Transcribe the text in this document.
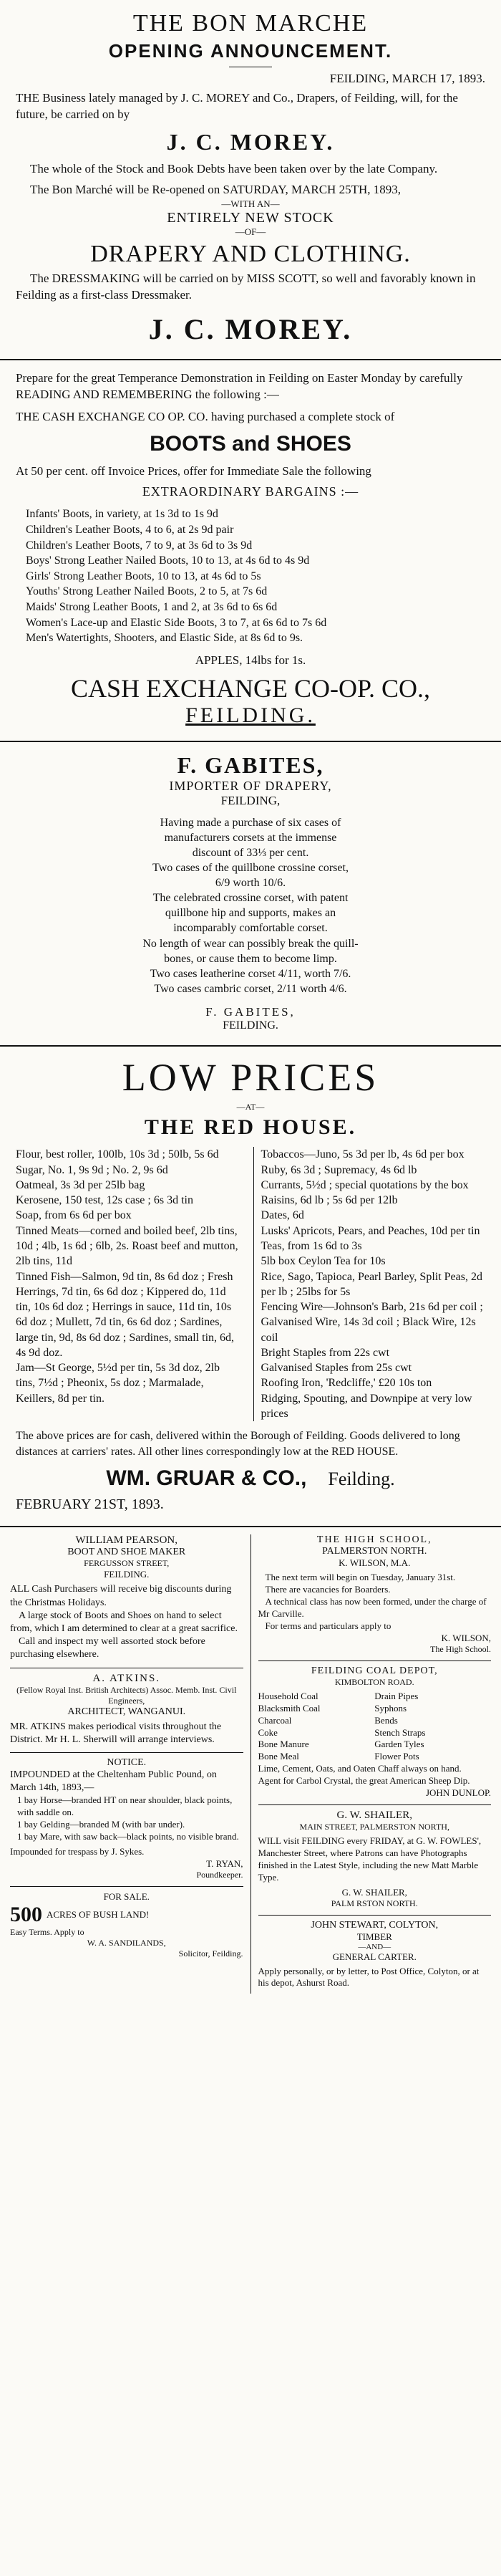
THE BON MARCHE

OPENING ANNOUNCEMENT.

FEILDING, MARCH 17, 1893.

THE Business lately managed by J. C. MOREY and Co., Drapers, of Feilding, will, for the future, be carried on by

J. C. MOREY.

The whole of the Stock and Book Debts have been taken over by the late Company.

The Bon Marché will be Re-opened on SATURDAY, MARCH 25TH, 1893,

—WITH AN—

ENTIRELY NEW STOCK

—OF—

DRAPERY AND CLOTHING.

The DRESSMAKING will be carried on by MISS SCOTT, so well and favorably known in Feilding as a first-class Dressmaker.

J. C. MOREY.

Prepare for the great Temperance Demonstration in Feilding on Easter Monday by carefully READING AND REMEMBERING the following :—

THE CASH EXCHANGE CO OP. CO. having purchased a complete stock of

BOOTS and SHOES

At 50 per cent. off Invoice Prices, offer for Immediate Sale the following

EXTRAORDINARY BARGAINS :—

Infants' Boots, in variety, at 1s 3d to 1s 9d

Children's Leather Boots, 4 to 6, at 2s 9d pair

Children's Leather Boots, 7 to 9, at 3s 6d to 3s 9d

Boys' Strong Leather Nailed Boots, 10 to 13, at 4s 6d to 4s 9d

Girls' Strong Leather Boots, 10 to 13, at 4s 6d to 5s

Youths' Strong Leather Nailed Boots, 2 to 5, at 7s 6d

Maids' Strong Leather Boots, 1 and 2, at 3s 6d to 6s 6d

Women's Lace-up and Elastic Side Boots, 3 to 7, at 6s 6d to 7s 6d

Men's Watertights, Shooters, and Elastic Side, at 8s 6d to 9s.

APPLES, 14lbs for 1s.

CASH EXCHANGE CO-OP. CO.,

FEILDING.

F. GABITES,

IMPORTER OF DRAPERY,

FEILDING,

Having made a purchase of six cases of

manufacturers corsets at the immense

discount of 33⅓ per cent.

Two cases of the quillbone crossine corset,

6/9 worth 10/6.

The celebrated crossine corset, with patent

quillbone hip and supports, makes an

incomparably comfortable corset.

No length of wear can possibly break the quill-

bones, or cause them to become limp.

Two cases leatherine corset 4/11, worth 7/6.

Two cases cambric corset, 2/11 worth 4/6.

F. GABITES,

FEILDING.

LOW PRICES

—AT—

THE RED HOUSE.

Flour, best roller, 100lb, 10s 3d ; 50lb, 5s 6d

Sugar, No. 1, 9s 9d ; No. 2, 9s 6d

Oatmeal, 3s 3d per 25lb bag

Kerosene, 150 test, 12s case ; 6s 3d tin

Soap, from 6s 6d per box

Tinned Meats—corned and boiled beef, 2lb tins, 10d ; 4lb, 1s 6d ; 6lb, 2s. Roast beef and mutton, 2lb tins, 11d

Tinned Fish—Salmon, 9d tin, 8s 6d doz ; Fresh Herrings, 7d tin, 6s 6d doz ; Kippered do, 11d tin, 10s 6d doz ; Herrings in sauce, 11d tin, 10s 6d doz ; Mullett, 7d tin, 6s 6d doz ; Sardines, large tin, 9d, 8s 6d doz ; Sardines, small tin, 6d, 4s 9d doz.

Jam—St George, 5½d per tin, 5s 3d doz, 2lb tins, 7½d ; Pheonix, 5s doz ; Marmalade, Keillers, 8d per tin.

Tobaccos—Juno, 5s 3d per lb, 4s 6d per box Ruby, 6s 3d ; Supremacy, 4s 6d lb

Currants, 5½d ; special quotations by the box

Raisins, 6d lb ; 5s 6d per 12lb

Dates, 6d

Lusks' Apricots, Pears, and Peaches, 10d per tin

Teas, from 1s 6d to 3s

5lb box Ceylon Tea for 10s

Rice, Sago, Tapioca, Pearl Barley, Split Peas, 2d per lb ; 25lbs for 5s

Fencing Wire—Johnson's Barb, 21s 6d per coil ; Galvanised Wire, 14s 3d coil ; Black Wire, 12s coil

Bright Staples from 22s cwt

Galvanised Staples from 25s cwt

Roofing Iron, 'Redcliffe,' £20 10s ton

Ridging, Spouting, and Downpipe at very low prices

The above prices are for cash, delivered within the Borough of Feilding. Goods delivered to long distances at carriers' rates. All other lines correspondingly low at the RED HOUSE.

WM. GRUAR & CO., Feilding.

FEBRUARY 21ST, 1893.

WILLIAM PEARSON,

BOOT AND SHOE MAKER

FERGUSSON STREET,

FEILDING.

ALL Cash Purchasers will receive big discounts during the Christmas Holidays.

A large stock of Boots and Shoes on hand to select from, which I am determined to clear at a great sacrifice.

Call and inspect my well assorted stock before purchasing elsewhere.

A. ATKINS.

(Fellow Royal Inst. British Architects) Assoc. Memb. Inst. Civil Engineers,

ARCHITECT, WANGANUI.

MR. ATKINS makes periodical visits throughout the District. Mr H. L. Sherwill will arrange interviews.

NOTICE.

IMPOUNDED at the Cheltenham Public Pound, on March 14th, 1893,—

1 bay Horse—branded HT on near shoulder, black points, with saddle on.

1 bay Gelding—branded M (with bar under).

1 bay Mare, with saw back—black points, no visible brand.

Impounded for trespass by J. Sykes.

T. RYAN,

Poundkeeper.

FOR SALE.

500 ACRES OF BUSH LAND!

Easy Terms. Apply to

W. A. SANDILANDS,

Solicitor, Feilding.

THE HIGH SCHOOL,

PALMERSTON NORTH.

K. WILSON, M.A.

The next term will begin on Tuesday, January 31st.

There are vacancies for Boarders.

A technical class has now been formed, under the charge of Mr Carville.

For terms and particulars apply to

K. WILSON,

The High School.

FEILDING COAL DEPOT,

KIMBOLTON ROAD.

Household Coal

Blacksmith Coal

Charcoal

Coke

Bone Manure

Bone Meal

Drain Pipes

Syphons

Bends

Stench Straps

Garden Tyles

Flower Pots

Lime, Cement, Oats, and Oaten Chaff always on hand.

Agent for Carbol Crystal, the great American Sheep Dip.

JOHN DUNLOP.

G. W. SHAILER,

MAIN STREET, PALMERSTON NORTH,

WILL visit FEILDING every FRIDAY, at G. W. FOWLES', Manchester Street, where Patrons can have Photographs finished in the Latest Style, including the new Matt Marble Type.

G. W. SHAILER,

PALM RSTON NORTH.

JOHN STEWART, COLYTON,

TIMBER

—AND—

GENERAL CARTER.

Apply personally, or by letter, to Post Office, Colyton, or at his depot, Ashurst Road.
